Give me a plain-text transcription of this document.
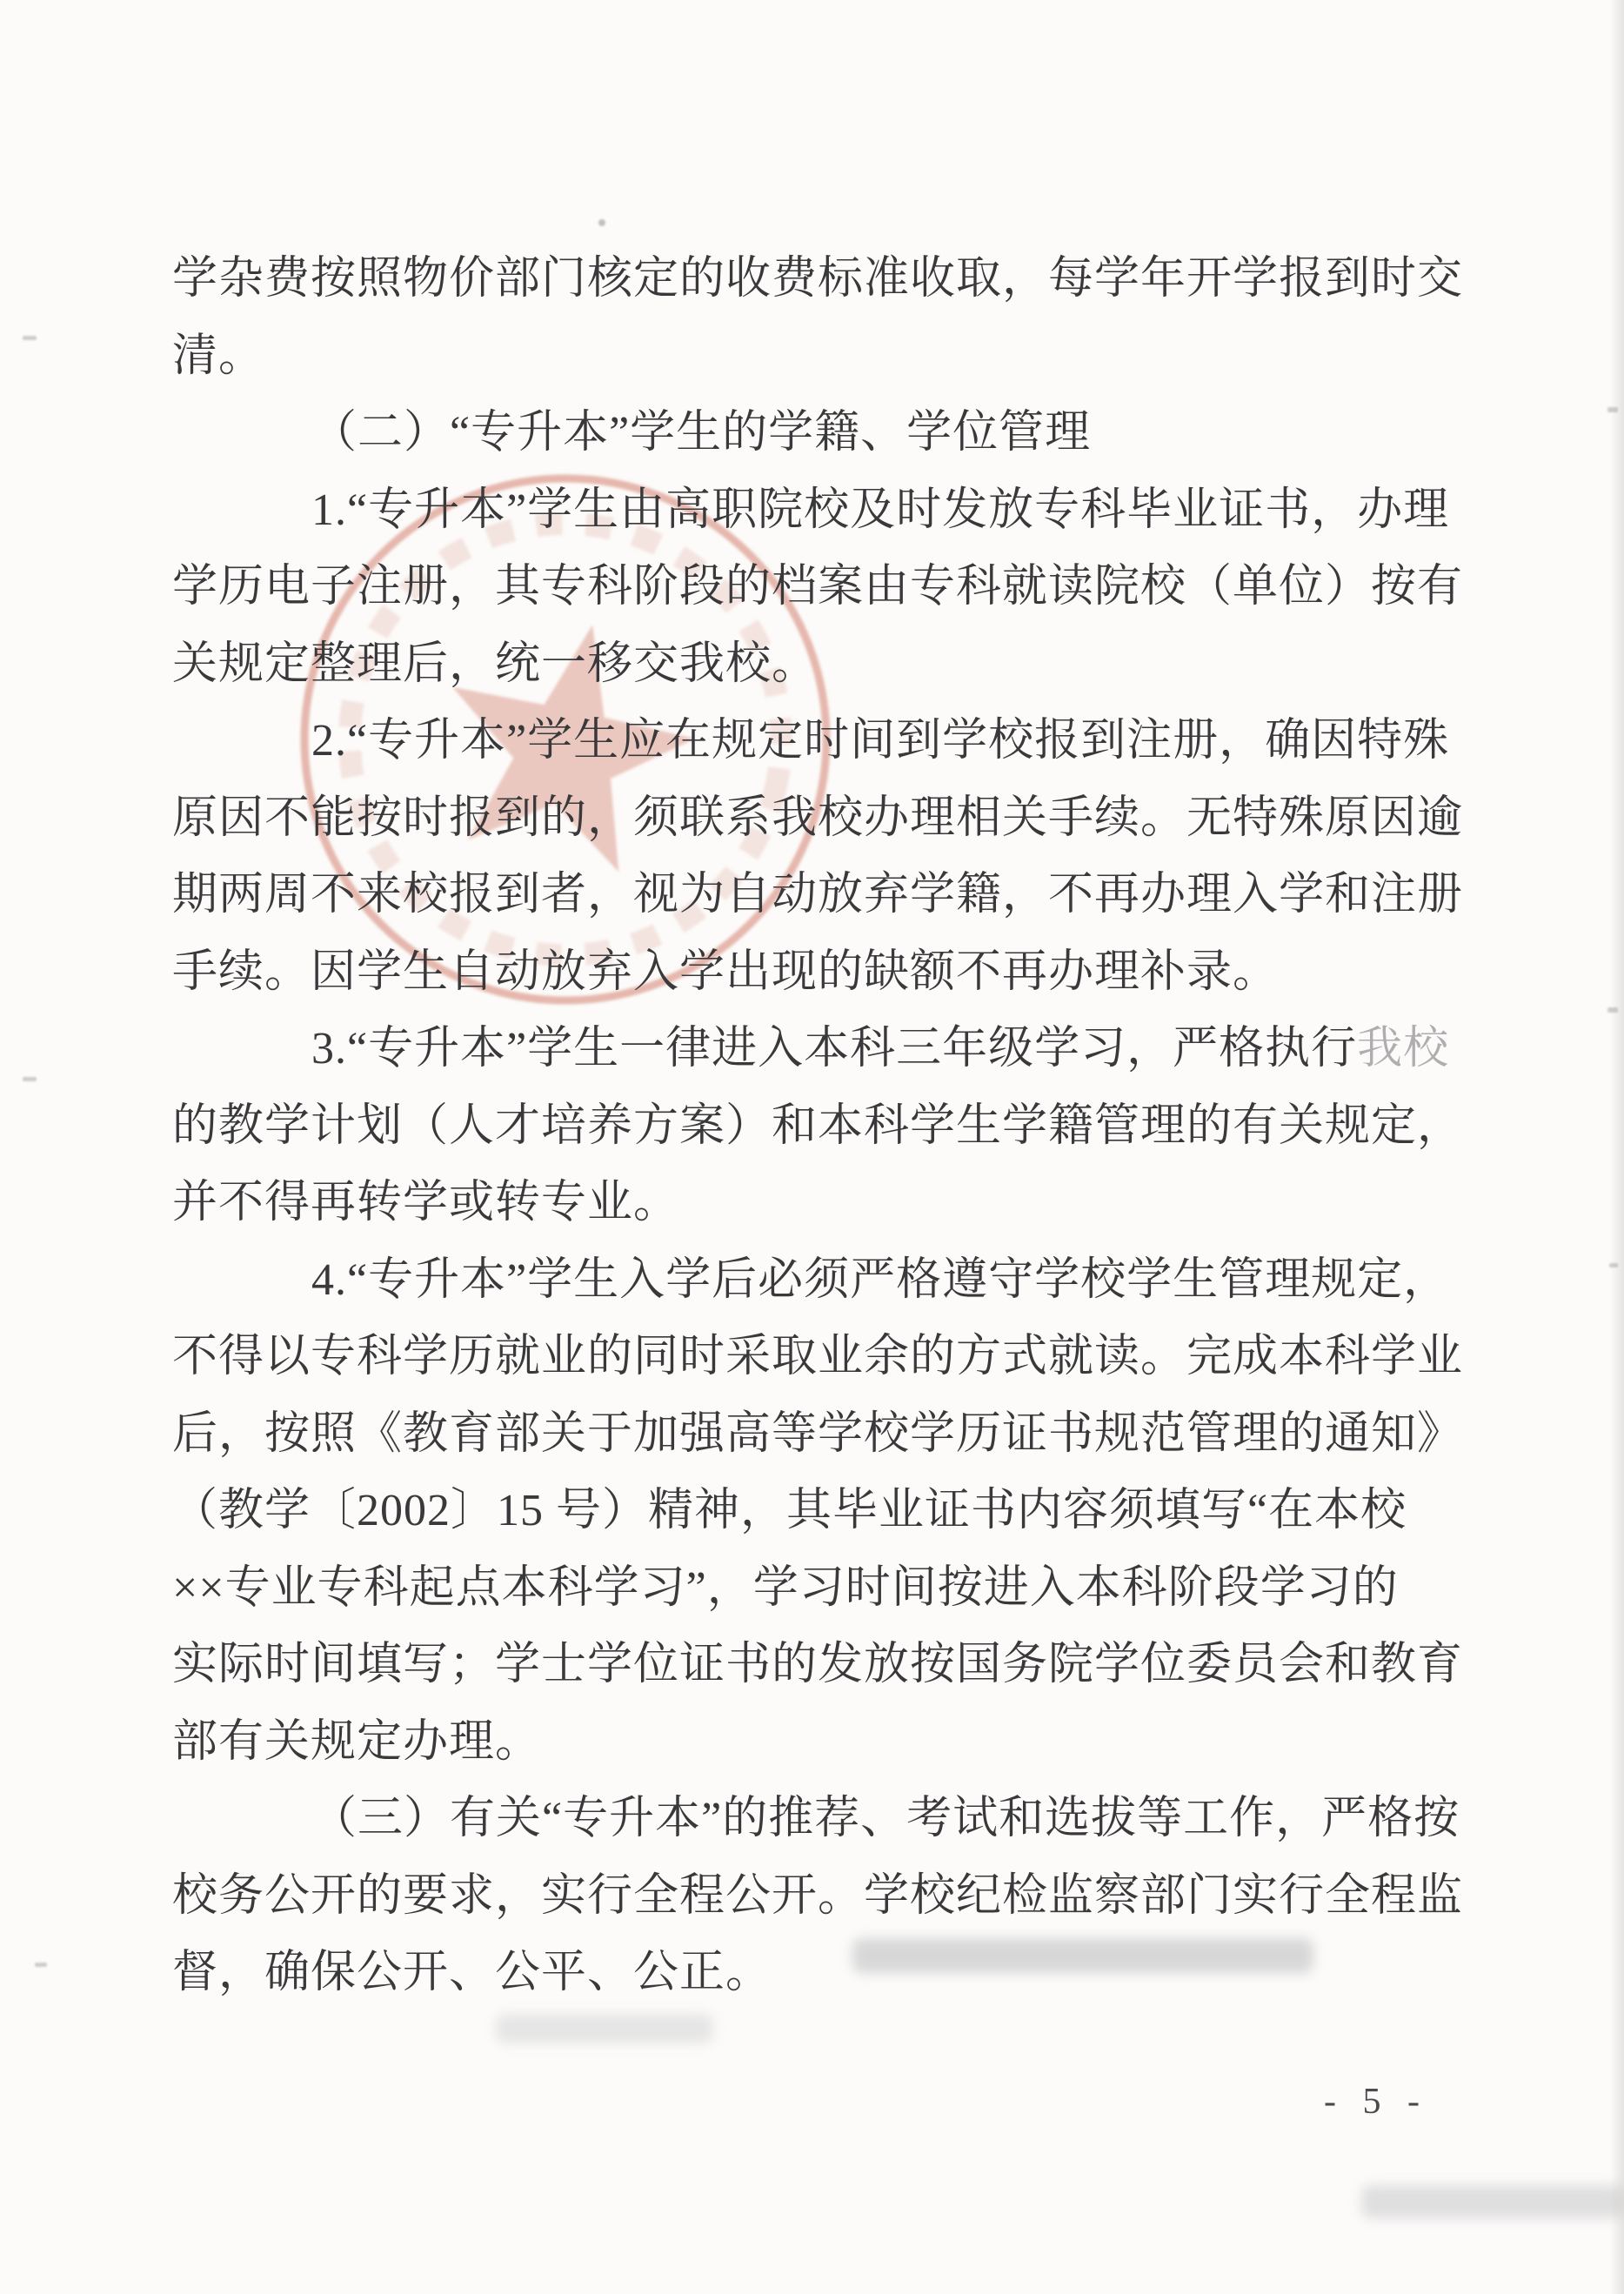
学杂费按照物价部门核定的收费标准收取，每学年开学报到时交
清。
（二）“专升本”学生的学籍、学位管理
1.“专升本”学生由高职院校及时发放专科毕业证书，办理
学历电子注册，其专科阶段的档案由专科就读院校（单位）按有
关规定整理后，统一移交我校。
2.“专升本”学生应在规定时间到学校报到注册，确因特殊
原因不能按时报到的，须联系我校办理相关手续。无特殊原因逾
期两周不来校报到者，视为自动放弃学籍，不再办理入学和注册
手续。因学生自动放弃入学出现的缺额不再办理补录。
3.“专升本”学生一律进入本科三年级学习，严格执行我校
的教学计划（人才培养方案）和本科学生学籍管理的有关规定，
并不得再转学或转专业。
4.“专升本”学生入学后必须严格遵守学校学生管理规定，
不得以专科学历就业的同时采取业余的方式就读。完成本科学业
后，按照《教育部关于加强高等学校学历证书规范管理的通知》
（教学〔2002〕15 号）精神，其毕业证书内容须填写“在本校
××专业专科起点本科学习”，学习时间按进入本科阶段学习的
实际时间填写；学士学位证书的发放按国务院学位委员会和教育
部有关规定办理。
（三）有关“专升本”的推荐、考试和选拔等工作，严格按
校务公开的要求，实行全程公开。学校纪检监察部门实行全程监
督，确保公开、公平、公正。
- 5 -
